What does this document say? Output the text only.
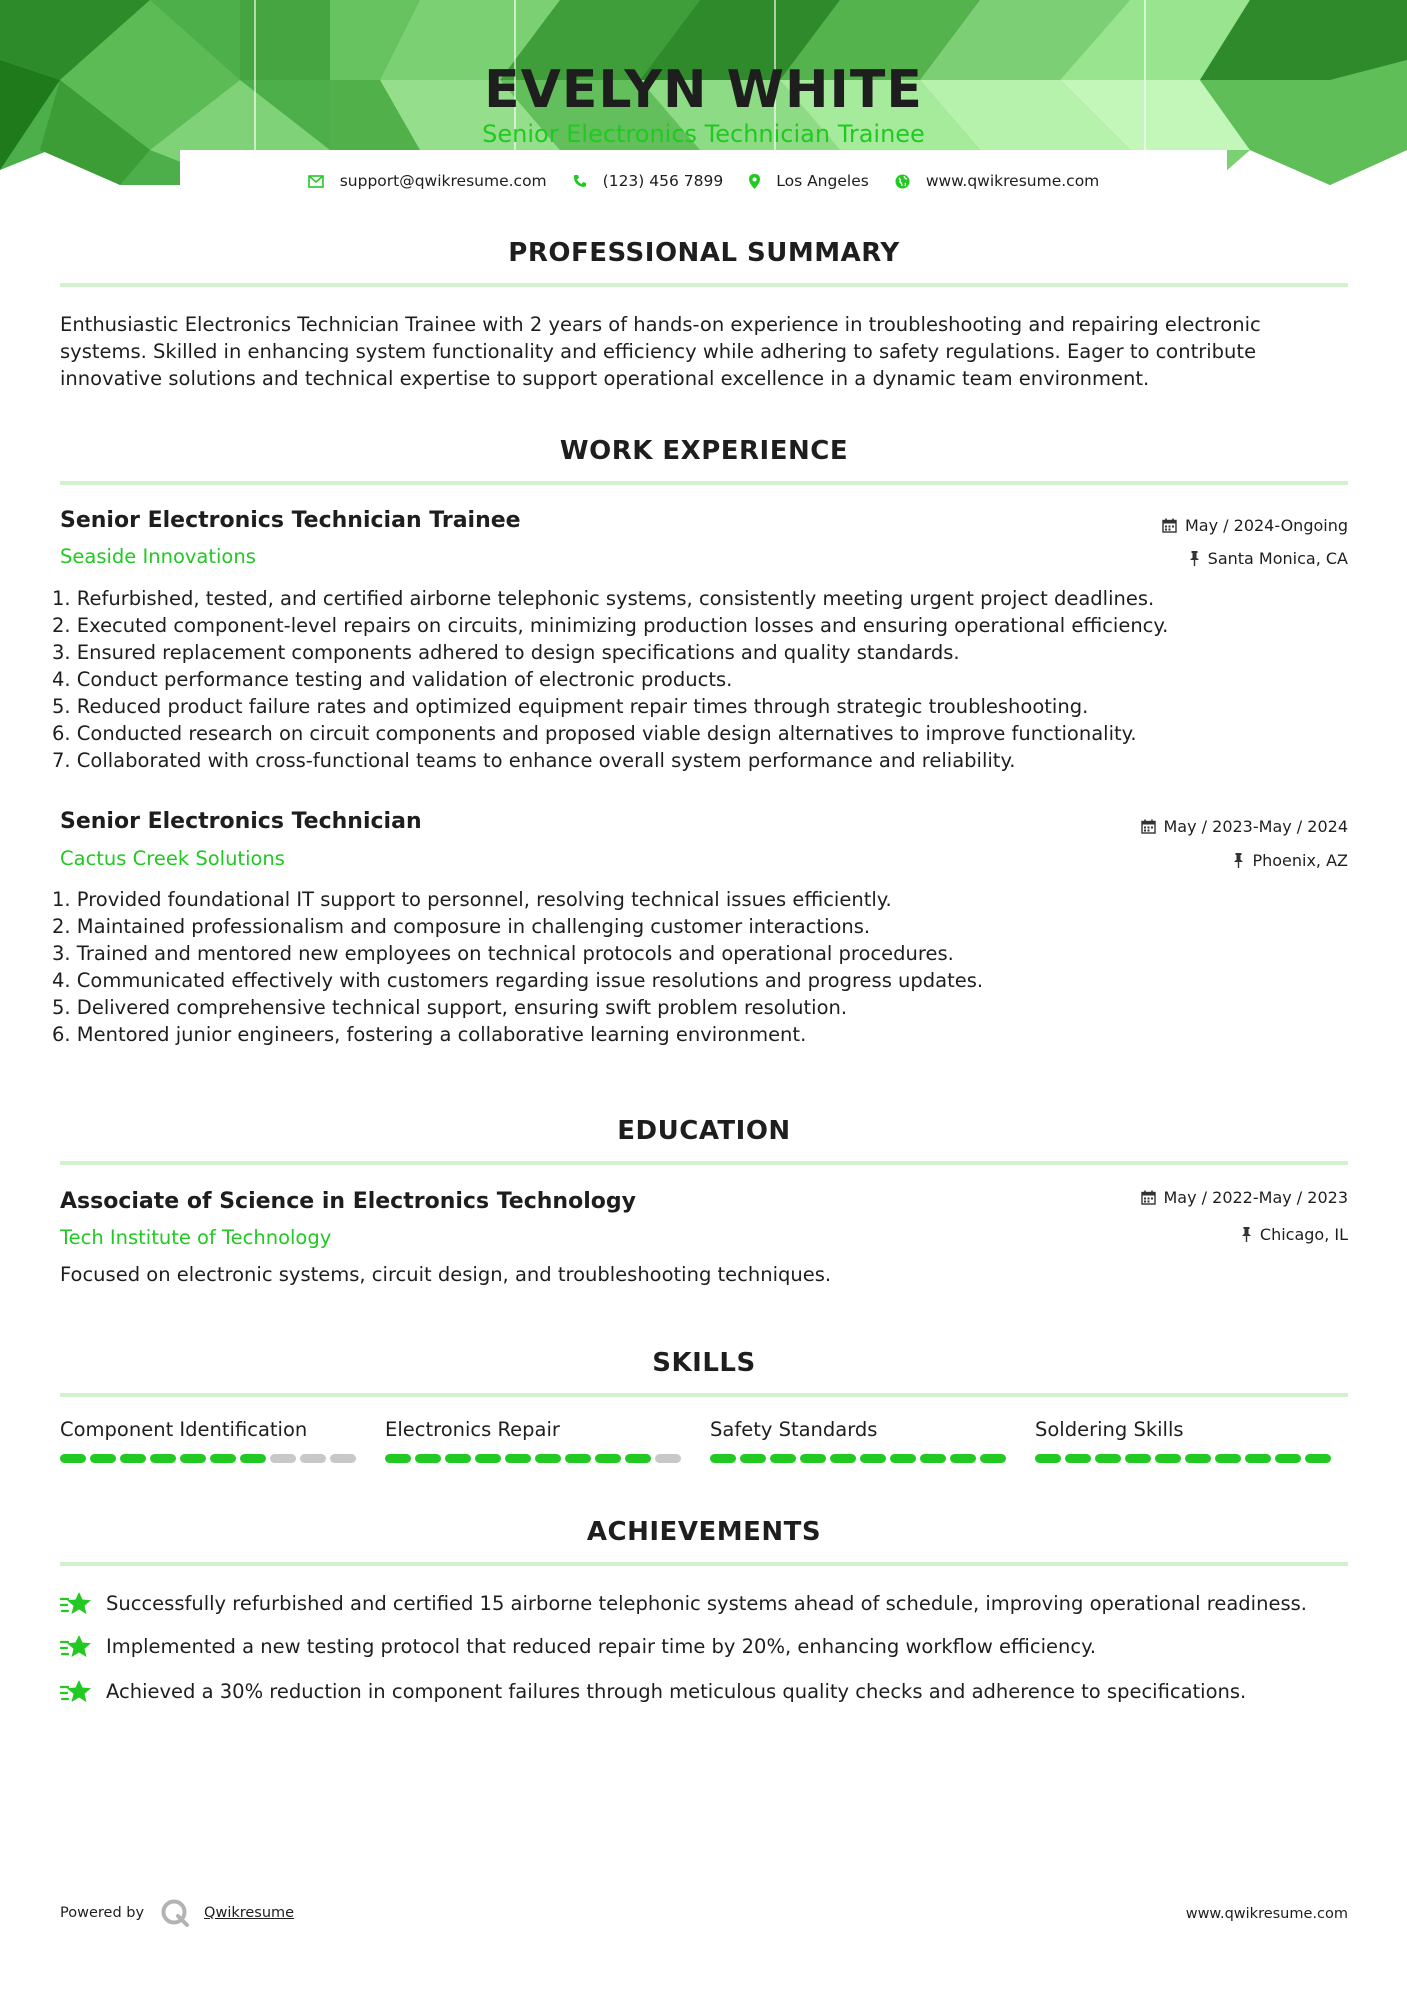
EVELYN WHITE
Senior Electronics Technician Trainee
support@qwikresume.com	(123) 456 7899	Los Angeles	www.qwikresume.com
PROFESSIONAL SUMMARY

Enthusiastic Electronics Technician Trainee with 2 years of hands-on experience in troubleshooting and repairing electronic systems. Skilled in enhancing system functionality and efficiency while adhering to safety regulations. Eager to contribute innovative solutions and technical expertise to support operational excellence in a dynamic team environment.

WORK EXPERIENCE
Senior Electronics Technician Trainee
Seaside Innovations
May / 2024-Ongoing
Santa Monica, CA
1. Refurbished, tested, and certified airborne telephonic systems, consistently meeting urgent project deadlines.
2. Executed component-level repairs on circuits, minimizing production losses and ensuring operational efficiency.
3. Ensured replacement components adhered to design specifications and quality standards.
4. Conduct performance testing and validation of electronic products.
5. Reduced product failure rates and optimized equipment repair times through strategic troubleshooting.
6. Conducted research on circuit components and proposed viable design alternatives to improve functionality.
7. Collaborated with cross-functional teams to enhance overall system performance and reliability.
Senior Electronics Technician
Cactus Creek Solutions
May / 2023-May / 2024
Phoenix, AZ
1. Provided foundational IT support to personnel, resolving technical issues efficiently.
2. Maintained professionalism and composure in challenging customer interactions.
3. Trained and mentored new employees on technical protocols and operational procedures.
4. Communicated effectively with customers regarding issue resolutions and progress updates.
5. Delivered comprehensive technical support, ensuring swift problem resolution.
6. Mentored junior engineers, fostering a collaborative learning environment.
EDUCATION
Associate of Science in Electronics Technology
Tech Institute of Technology
May / 2022-May / 2023
Chicago, IL

Focused on electronic systems, circuit design, and troubleshooting techniques.

SKILLS
Component Identification	Electronics Repair	Safety Standards	Soldering Skills
ACHIEVEMENTS
Successfully refurbished and certified 15 airborne telephonic systems ahead of schedule, improving operational readiness.
Implemented a new testing protocol that reduced repair time by 20%, enhancing workflow efficiency.
Achieved a 30% reduction in component failures through meticulous quality checks and adherence to specifications.
Powered by	Qwikresume	www.qwikresume.com
